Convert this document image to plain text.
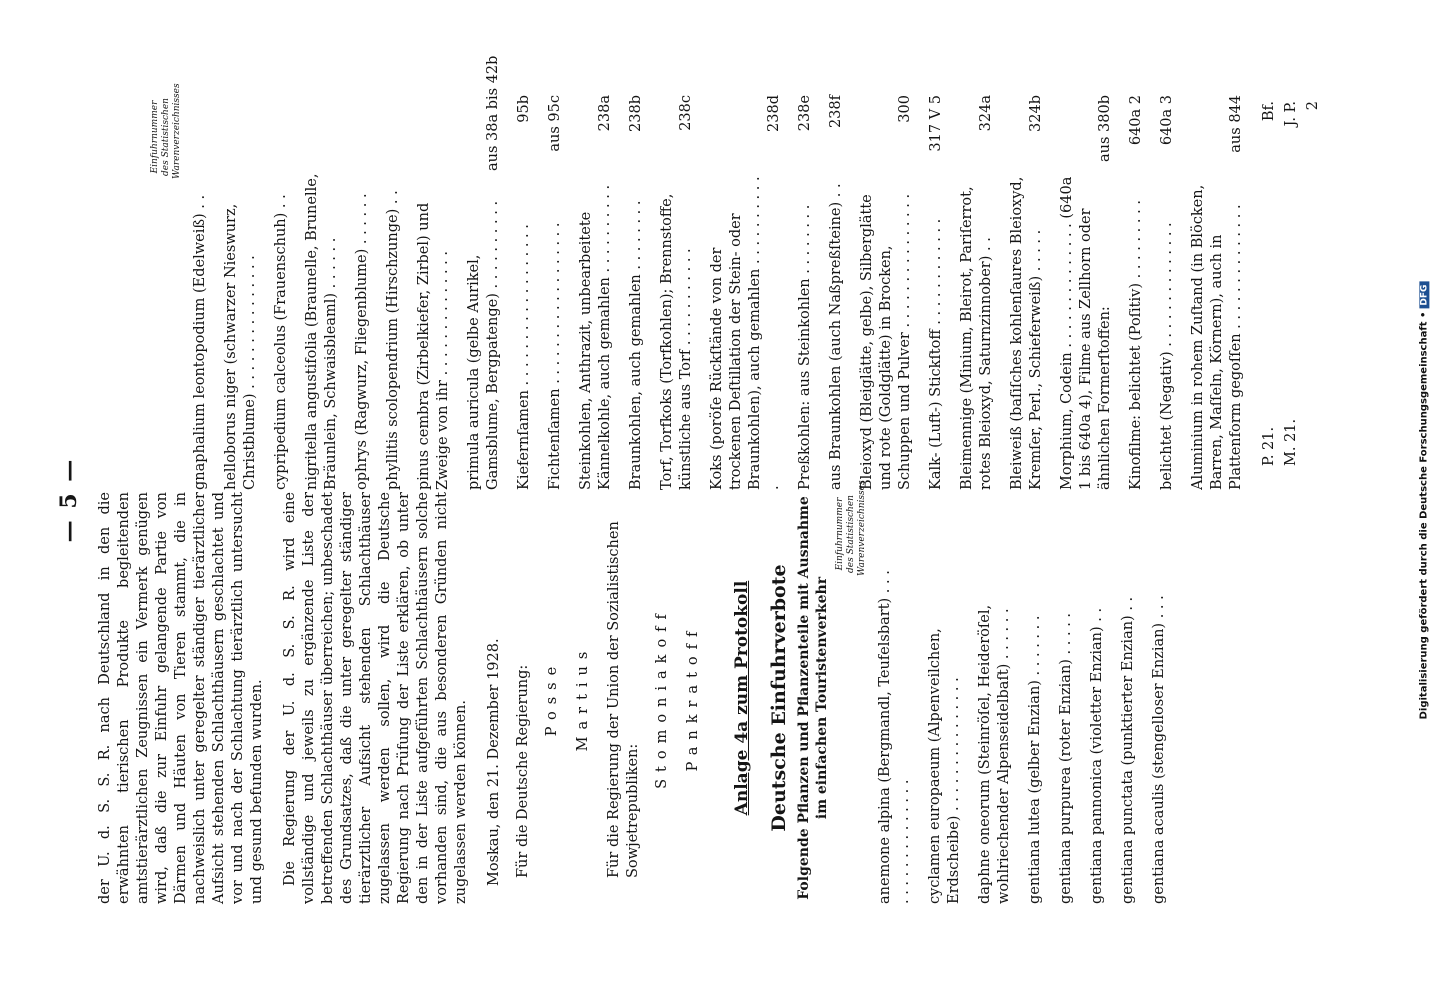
— 5 — der U. d. S. S. R. nach Deutschland in den die erwähnten tierischen Produkte begleitenden amtstierärztlichen Zeugnissen ein Vermerk genügen wird, daß die zur Einfuhr gelangende Partie von Därmen und Häuten von Tieren stammt, die in nachweislich unter geregelter ständiger tierärztlicher Aufsicht stehenden Schlachthäusern geschlachtet und vor und nach der Schlachtung tierärztlich untersucht und gesund befunden wurden. Die Regierung der U. d. S. S. R. wird eine vollständige und jeweils zu ergänzende Liste der betreffenden Schlachthäuser überreichen; unbeschadet des Grundsatzes, daß die unter geregelter ständiger tierärztlicher Aufsicht stehenden Schlachthäuser zugelassen werden sollen, wird die Deutsche Regierung nach Prüfung der Liste erklären, ob unter den in der Liste aufgeführten Schlachthäusern solche vorhanden sind, die aus besonderen Gründen nicht zugelassen werden können. Moskau, den 21. Dezember 1928. Für die Deutsche Regierung: Posse Martius Für die Regierung der Union der Sozialistischen Sowjetrepubliken:
Stomoniakoff Pankratoff Anlage 4a zum Protokoll Deutsche Einfuhrverbote Folgende Pflanzen und Pflanzenteile mit Ausnahme im einfachen Touristenverkehr
Einfuhrnummer des Statistischen Warenverzeichnisses
anemone alpina (Bergmandl, Teufelsbart) . . . . . . . . . . . . . . . . . cyclamen europaeum (Alpenveilchen, Erdscheibe) . . . . . . . . . . . . . . . daphne oneorum (Steinröſel, Heideröſel, wohlriechender Alpenseidelbaſt) . . . . . . gentiana lutea (gelber Enzian) . . . . . . . gentiana purpurea (roter Enzian) . . . . . gentiana pannonica (violetter Enzian) . . gentiana punctata (punktierter Enzian) . . gentiana acaulis (stengelloser Enzian) . . .
Einfuhrnummer des Statistischen Warenverzeichnisses
gnaphalium leontopodium (Edelweiß) . . helloborus niger (schwarzer Nieswurz, Christblume) . . . . . . . . . . . . . . . cypripedium calceolus (Frauenschuh) . . nigritella angustifolia (Braunelle, Brunelle, Bräunlein, Schwaisbleaml) . . . . . . ophrys (Ragwurz, Fliegenblume) . . . . . . phyllitis scolopendrium (Hirschzunge) . . pinus cembra (Zirbelkiefer, Zirbel) und Zweige von ihr . . . . . . . . . . . . . . primula auricula (gelbe Aurikel, Gamsblume, Bergpatenge) . . . . . . . . . .
aus 38a bis 42b
Kiefernſamen . . . . . . . . . . . . . . . . . .
95b
Fichtenſamen . . . . . . . . . . . . . . . . . .
aus 95c
Steinkohlen, Anthrazit, unbearbeitete Kännelkohle, auch gemahlen . . . . . . . . . .
238a
Braunkohlen, auch gemahlen . . . . . . . .
238b
Torf, Torfkoks (Torfkohlen); Brennstoffe, künstliche aus Torf . . . . . . . . . . .
238c
Koks (poröſe Rückſtände von der trockenen Deſtillation der Stein- oder Braunkohlen), auch gemahlen . . . . . . . . . . .
238d
Preßkohlen: aus Steinkohlen . . . . . . . .
238e
aus Braunkohlen (auch Naßpreßſteine) . .
238f
Bleioxyd (Bleiglätte, gelbe), Silberglätte und rote (Goldglätte) in Brocken, Schuppen und Pulver . . . . . . . . . . . . . . .
300
Kalk- (Luft-) Stickſtoff . . . . . . . . . . . .
317 V 5
Bleimennige (Minium, Bleirot, Pariſerrot, rotes Bleioxyd, Saturnzinnober) . .
324a
Bleiweiß (baſiſches kohlenſaures Bleioxyd, Kremſer, Perl., Schieferweiß) . . . . .
324b
Morphium, Codein . . . . . . . . . . . . . . (640a 1 bis 640a 4), Filme aus Zellhorn oder ähnlichen Formerſtoffen:
aus 380b
Kinofilme: belichtet (Poſitiv) . . . . . . . . .
640a 2
belichtet (Negativ) . . . . . . . . . . . . . .
640a 3
Aluminium in rohem Zuſtand (in Blöcken, Barren, Maſſeln, Körnern), auch in Plattenform gegoſſen . . . . . . . . . . . . . .
aus 844
P. 21. M. 21.
Bf. J. P. 2
Digitalisierung gefördert durch die Deutsche Forschungsgemeinschaft •DFG
